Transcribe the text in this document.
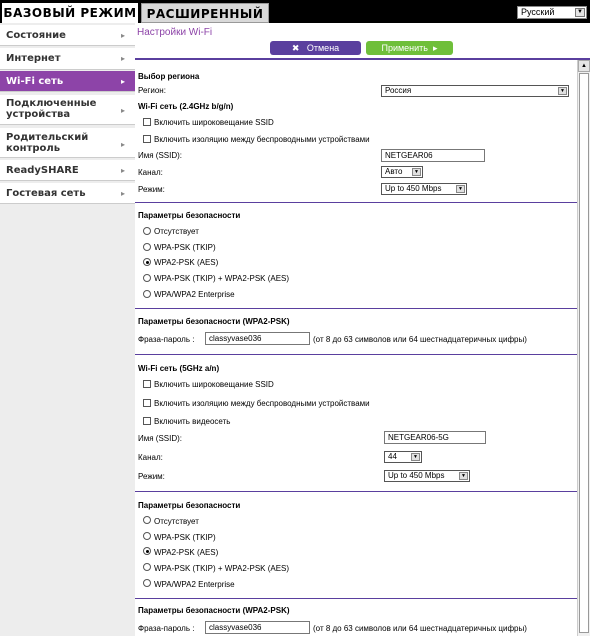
БАЗОВЫЙ РЕЖИМ РАСШИРЕННЫЙ	Русский	▼
Состояние	▸
Интернет	▸
Wi-Fi сеть	▸
Подключенные устройства	▸
Родительский контроль	▸
ReadySHARE	▸
Гостевая сеть	▸
Настройки Wi-Fi
✖ Отмена	Применить ▸
Выбор региона
Регион:	Россия	▼
Wi-Fi сеть (2.4GHz b/g/n)
Включить широковещание SSID
Включить изоляцию между беспроводными устройствами
Имя (SSID):	NETGEAR06
Канал:	Авто	▼
Режим:	Up to 450 Mbps	▼
Параметры безопасности
Отсутствует
WPA-PSK (TKIP)
WPA2-PSK (AES)
WPA-PSK (TKIP) + WPA2-PSK (AES)
WPA/WPA2 Enterprise
Параметры безопасности (WPA2-PSK)
Фраза-пароль :	classyvase036	(от 8 до 63 символов или 64 шестнадцатеричных цифры)
Wi-Fi сеть (5GHz a/n)
Включить широковещание SSID
Включить изоляцию между беспроводными устройствами
Включить видеосеть
Имя (SSID):	NETGEAR06-5G
Канал:	44	▼
Режим:	Up to 450 Mbps	▼
Параметры безопасности
Отсутствует
WPA-PSK (TKIP)
WPA2-PSK (AES)
WPA-PSK (TKIP) + WPA2-PSK (AES)
WPA/WPA2 Enterprise
Параметры безопасности (WPA2-PSK)
Фраза-пароль :	classyvase036	(от 8 до 63 символов или 64 шестнадцатеричных цифры)
▲
